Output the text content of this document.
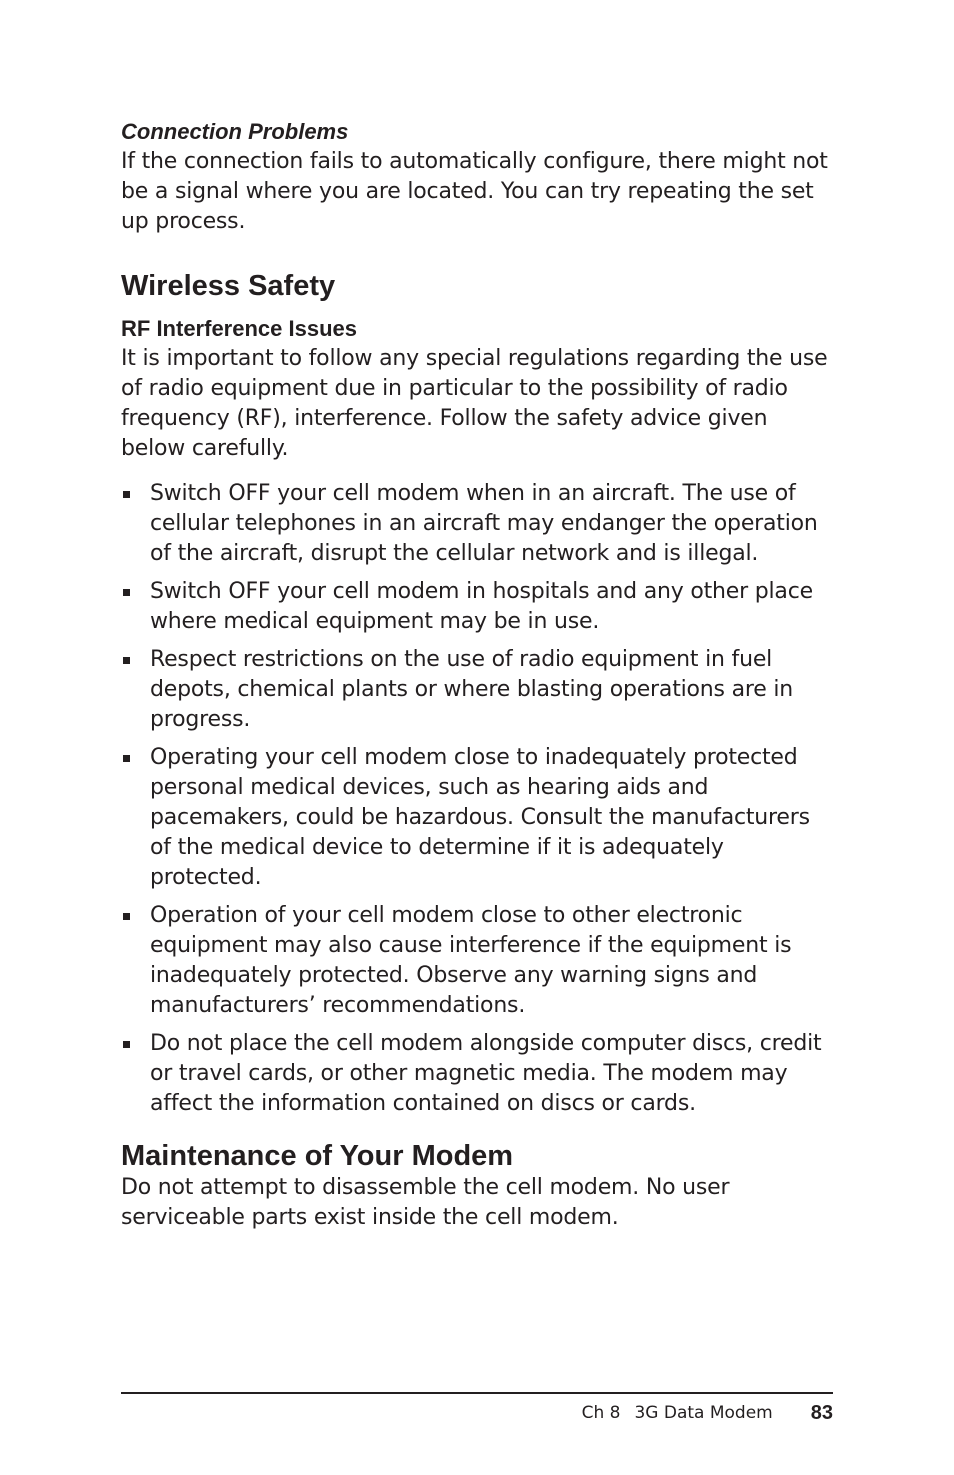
Connection Problems

If the connection fails to automatically configure, there might not be a signal where you are located. You can try repeating the set up process.

Wireless Safety

RF Interference Issues

It is important to follow any special regulations regarding the use of radio equipment due in particular to the possibility of radio frequency (RF), interference. Follow the safety advice given below carefully.

Switch OFF your cell modem when in an aircraft. The use of cellular telephones in an aircraft may endanger the operation of the aircraft, disrupt the cellular network and is illegal.
Switch OFF your cell modem in hospitals and any other place where medical equipment may be in use.
Respect restrictions on the use of radio equipment in fuel depots, chemical plants or where blasting operations are in progress.
Operating your cell modem close to inadequately protected personal medical devices, such as hearing aids and pacemakers, could be hazardous. Consult the manufacturers of the medical device to determine if it is adequately protected.
Operation of your cell modem close to other electronic equipment may also cause interference if the equipment is inadequately protected. Observe any warning signs and manufacturers’ recommendations.
Do not place the cell modem alongside computer discs, credit or travel cards, or other magnetic media. The modem may affect the information contained on discs or cards.
Maintenance of Your Modem

Do not attempt to disassemble the cell modem. No user serviceable parts exist inside the cell modem.

Ch 8 3G Data Modem 83
